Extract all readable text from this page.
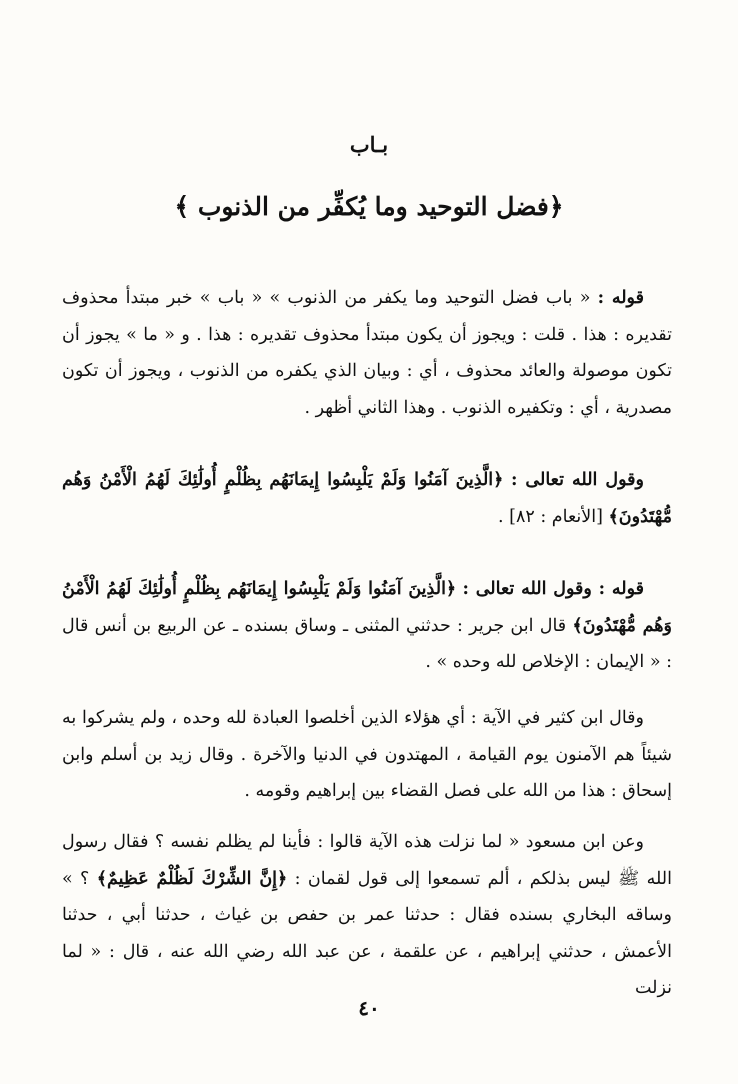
بـاب
﴿فضل التوحيد وما يُكفِّر من الذنوب ﴾

قوله : « باب فضل التوحيد وما يكفر من الذنوب » « باب » خبر مبتدأ محذوف تقديره : هذا . قلت : ويجوز أن يكون مبتدأ محذوف تقديره : هذا . و « ما » يجوز أن تكون موصولة والعائد محذوف ، أي : وبيان الذي يكفره من الذنوب ، ويجوز أن تكون مصدرية ، أي : وتكفيره الذنوب . وهذا الثاني أظهر .

وقول الله تعالى : ﴿الَّذِينَ آمَنُوا وَلَمْ يَلْبِسُوا إِيمَانَهُم بِظُلْمٍ أُولَٰئِكَ لَهُمُ الْأَمْنُ وَهُم مُّهْتَدُونَ﴾ [الأنعام : ٨٢] .

قوله : وقول الله تعالى : ﴿الَّذِينَ آمَنُوا وَلَمْ يَلْبِسُوا إِيمَانَهُم بِظُلْمٍ أُولَٰئِكَ لَهُمُ الْأَمْنُ وَهُم مُّهْتَدُونَ﴾ قال ابن جرير : حدثني المثنى ـ وساق بسنده ـ عن الربيع بن أنس قال : « الإيمان : الإخلاص لله وحده » .

وقال ابن كثير في الآية : أي هؤلاء الذين أخلصوا العبادة لله وحده ، ولم يشركوا به شيئاً هم الآمنون يوم القيامة ، المهتدون في الدنيا والآخرة . وقال زيد بن أسلم وابن إسحاق : هذا من الله على فصل القضاء بين إبراهيم وقومه .

وعن ابن مسعود « لما نزلت هذه الآية قالوا : فأينا لم يظلم نفسه ؟ فقال رسول الله ﷺ ليس بذلكم ، ألم تسمعوا إلى قول لقمان : ﴿إِنَّ الشِّرْكَ لَظُلْمٌ عَظِيمٌ﴾ ؟ » وساقه البخاري بسنده فقال : حدثنا عمر بن حفص بن غياث ، حدثنا أبي ، حدثنا الأعمش ، حدثني إبراهيم ، عن علقمة ، عن عبد الله رضي الله عنه ، قال : « لما نزلت

٤٠
